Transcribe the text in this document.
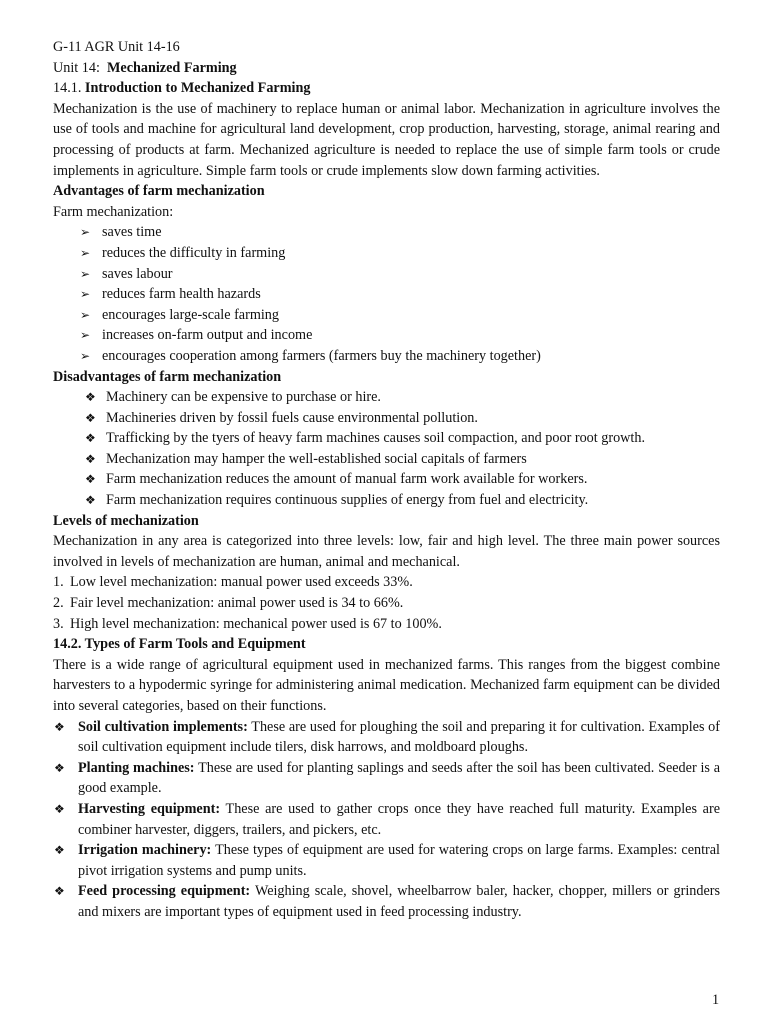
G-11 AGR Unit 14-16
Unit 14: Mechanized Farming
14.1. Introduction to Mechanized Farming
Mechanization is the use of machinery to replace human or animal labor. Mechanization in agriculture involves the use of tools and machine for agricultural land development, crop production, harvesting, storage, animal rearing and processing of products at farm. Mechanized agriculture is needed to replace the use of simple farm tools or crude implements in agriculture. Simple farm tools or crude implements slow down farming activities.
Advantages of farm mechanization
Farm mechanization:
➢ saves time
➢ reduces the difficulty in farming
➢ saves labour
➢ reduces farm health hazards
➢ encourages large-scale farming
➢ increases on-farm output and income
➢ encourages cooperation among farmers (farmers buy the machinery together)
Disadvantages of farm mechanization
❖ Machinery can be expensive to purchase or hire.
❖ Machineries driven by fossil fuels cause environmental pollution.
❖ Trafficking by the tyers of heavy farm machines causes soil compaction, and poor root growth.
❖ Mechanization may hamper the well-established social capitals of farmers
❖ Farm mechanization reduces the amount of manual farm work available for workers.
❖ Farm mechanization requires continuous supplies of energy from fuel and electricity.
Levels of mechanization
Mechanization in any area is categorized into three levels: low, fair and high level. The three main power sources involved in levels of mechanization are human, animal and mechanical.
1. Low level mechanization: manual power used exceeds 33%.
2. Fair level mechanization: animal power used is 34 to 66%.
3. High level mechanization: mechanical power used is 67 to 100%.
14.2. Types of Farm Tools and Equipment
There is a wide range of agricultural equipment used in mechanized farms. This ranges from the biggest combine harvesters to a hypodermic syringe for administering animal medication. Mechanized farm equipment can be divided into several categories, based on their functions.
❖ Soil cultivation implements: These are used for ploughing the soil and preparing it for cultivation. Examples of soil cultivation equipment include tilers, disk harrows, and moldboard ploughs.
❖ Planting machines: These are used for planting saplings and seeds after the soil has been cultivated. Seeder is a good example.
❖ Harvesting equipment: These are used to gather crops once they have reached full maturity. Examples are combiner harvester, diggers, trailers, and pickers, etc.
❖ Irrigation machinery: These types of equipment are used for watering crops on large farms. Examples: central pivot irrigation systems and pump units.
❖ Feed processing equipment: Weighing scale, shovel, wheelbarrow baler, hacker, chopper, millers or grinders and mixers are important types of equipment used in feed processing industry.
1
